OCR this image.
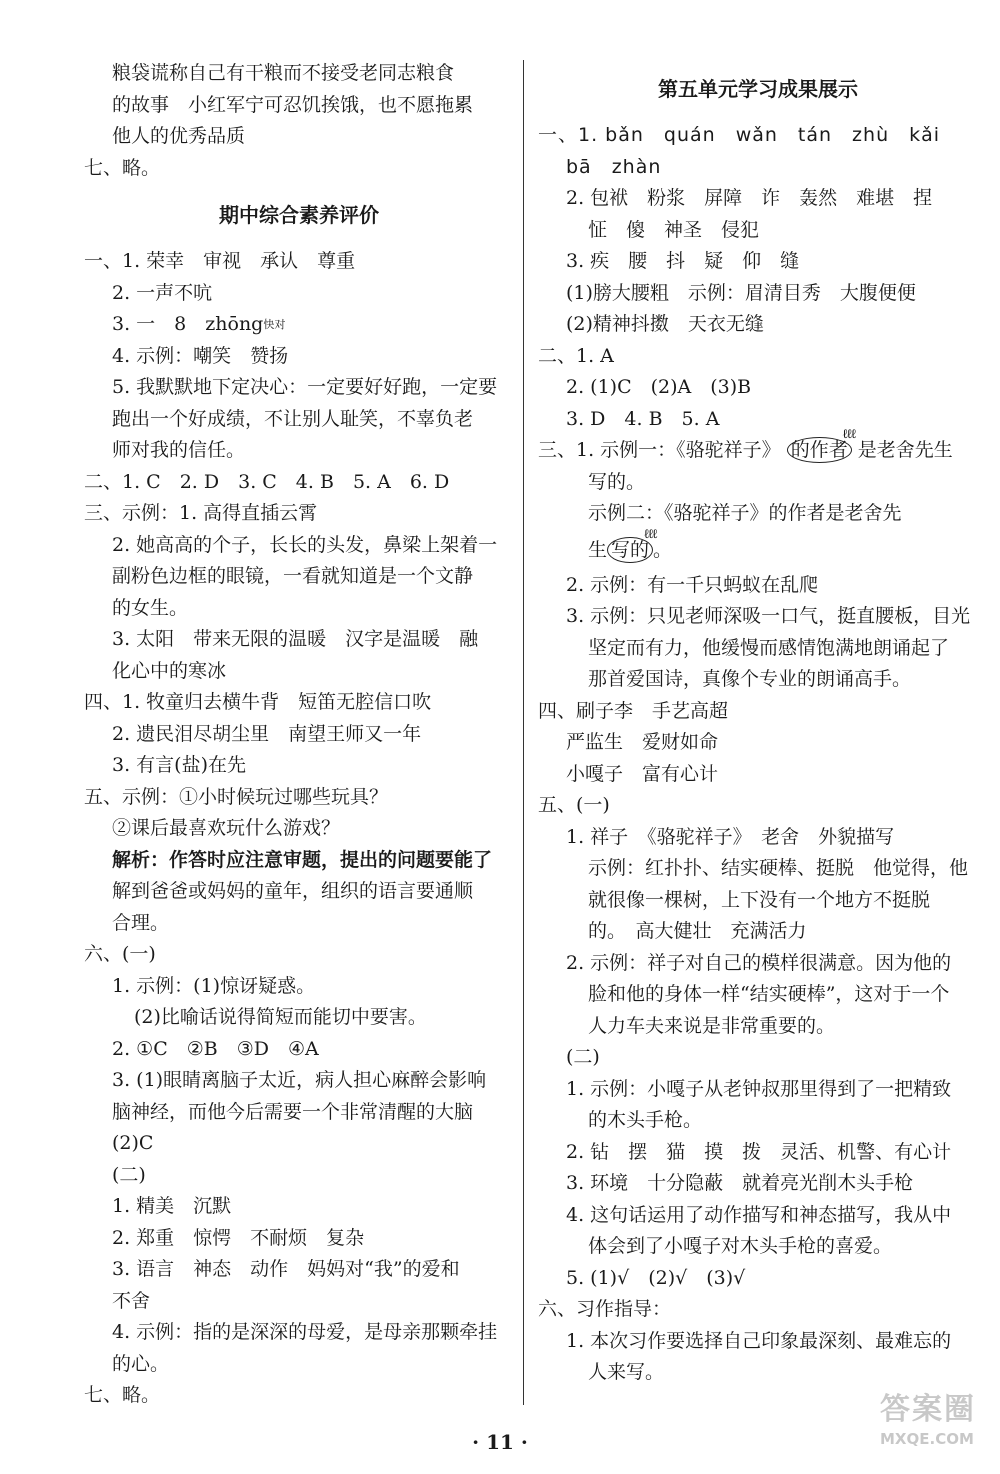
粮袋谎称自己有干粮而不接受老同志粮食
的故事　小红军宁可忍饥挨饿，也不愿拖累
他人的优秀品质
七、略。
期中综合素养评价
一、1. 荣幸　审视　承认　尊重
2. 一声不吭
3. 一　8　zhōng$^{快对}$
4. 示例：嘲笑　赞扬
5. 我默默地下定决心：一定要好好跑，一定要
跑出一个好成绩，不让别人耻笑，不辜负老
师对我的信任。
二、1. C　2. D　3. C　4. B　5. A　6. D
三、示例：1. 高得直插云霄
2. 她高高的个子，长长的头发，鼻梁上架着一
副粉色边框的眼镜，一看就知道是一个文静
的女生。
3. 太阳　带来无限的温暖　汉字是温暖　融
化心中的寒冰
四、1. 牧童归去横牛背　短笛无腔信口吹
2. 遗民泪尽胡尘里　南望王师又一年
3. 有言(盐)在先
五、示例：①小时候玩过哪些玩具？
②课后最喜欢玩什么游戏？
解析：作答时应注意审题，提出的问题要能了
解到爸爸或妈妈的童年，组织的语言要通顺
合理。
六、(一)
1. 示例：(1)惊讶疑惑。
(2)比喻话说得简短而能切中要害。
2. ①C　②B　③D　④A
3. (1)眼睛离脑子太近，病人担心麻醉会影响
脑神经，而他今后需要一个非常清醒的大脑
(2)C
(二)
1. 精美　沉默
2. 郑重　惊愕　不耐烦　复杂
3. 语言　神态　动作　妈妈对“我”的爱和
不舍
4. 示例：指的是深深的母爱，是母亲那颗牵挂
的心。
七、略。
第五单元学习成果展示
一、1. bǎn　quán　wǎn　tán　zhù　kǎi
bā　zhàn
2. 包袱　粉浆　屏障　诈　轰然　难堪　捏
怔　傻　神圣　侵犯
3. 疾　腰　抖　疑　仰　缝
(1)膀大腰粗　示例：眉清目秀　大腹便便
(2)精神抖擞　天衣无缝
二、1. A
2. (1)C　(2)A　(3)B
3. D　4. B　5. A
三、1. 示例一：《骆驼祥子》 的作者
ℓℓℓ
是老舍先生
写的。
示例二：《骆驼祥子》的作者是老舍先
生 写的
ℓℓℓ
。
2. 示例：有一千只蚂蚁在乱爬
3. 示例：只见老师深吸一口气，挺直腰板，目光
坚定而有力，他缓慢而感情饱满地朗诵起了
那首爱国诗，真像个专业的朗诵高手。
四、刷子李　手艺高超
严监生　爱财如命
小嘎子　富有心计
五、(一)
1. 祥子　《骆驼祥子》　老舍　外貌描写
示例：红扑扑、结实硬棒、挺脱　他觉得，他
就很像一棵树，上下没有一个地方不挺脱
的。　高大健壮　充满活力
2. 示例：祥子对自己的模样很满意。因为他的
脸和他的身体一样“结实硬棒”，这对于一个
人力车夫来说是非常重要的。
(二)
1. 示例：小嘎子从老钟叔那里得到了一把精致
的木头手枪。
2. 钻　摆　猫　摸　拨　灵活、机警、有心计
3. 环境　十分隐蔽　就着亮光削木头手枪
4. 这句话运用了动作描写和神态描写，我从中
体会到了小嘎子对木头手枪的喜爱。
5. (1)√　(2)√　(3)√
六、习作指导：
1. 本次习作要选择自己印象最深刻、最难忘的
人来写。
· 11 ·
答案圈
MXQE.COM
